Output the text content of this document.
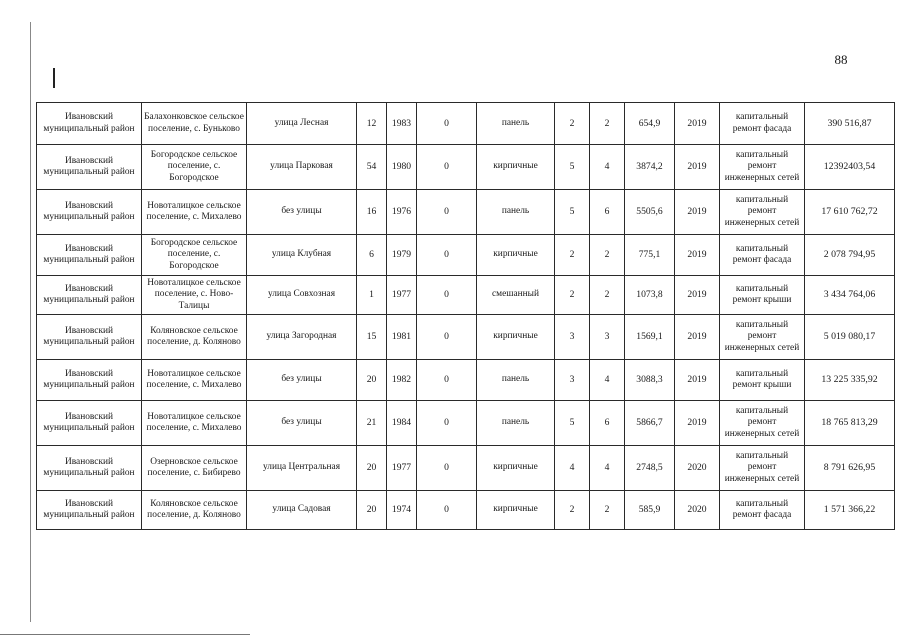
88
Ивановский муниципальный район	Балахонковское сельское поселение, с. Буньково	улица Лесная	12	1983	0	панель	2	2	654,9	2019	капитальный ремонт фасада	390 516,87
Ивановский муниципальный район	Богородское сельское поселение, с. Богородское	улица Парковая	54	1980	0	кирпичные	5	4	3874,2	2019	капитальный ремонт инженерных сетей	12392403,54
Ивановский муниципальный район	Новоталицкое сельское поселение, с. Михалево	без улицы	16	1976	0	панель	5	6	5505,6	2019	капитальный ремонт инженерных сетей	17 610 762,72
Ивановский муниципальный район	Богородское сельское поселение, с. Богородское	улица Клубная	6	1979	0	кирпичные	2	2	775,1	2019	капитальный ремонт фасада	2 078 794,95
Ивановский муниципальный район	Новоталицкое сельское поселение, с. Ново-Талицы	улица Совхозная	1	1977	0	смешанный	2	2	1073,8	2019	капитальный ремонт крыши	3 434 764,06
Ивановский муниципальный район	Коляновское сельское поселение, д. Коляново	улица Загородная	15	1981	0	кирпичные	3	3	1569,1	2019	капитальный ремонт инженерных сетей	5 019 080,17
Ивановский муниципальный район	Новоталицкое сельское поселение, с. Михалево	без улицы	20	1982	0	панель	3	4	3088,3	2019	капитальный ремонт крыши	13 225 335,92
Ивановский муниципальный район	Новоталицкое сельское поселение, с. Михалево	без улицы	21	1984	0	панель	5	6	5866,7	2019	капитальный ремонт инженерных сетей	18 765 813,29
Ивановский муниципальный район	Озерновское сельское поселение, с. Бибирево	улица Центральная	20	1977	0	кирпичные	4	4	2748,5	2020	капитальный ремонт инженерных сетей	8 791 626,95
Ивановский муниципальный район	Коляновское сельское поселение, д. Коляново	улица Садовая	20	1974	0	кирпичные	2	2	585,9	2020	капитальный ремонт фасада	1 571 366,22
